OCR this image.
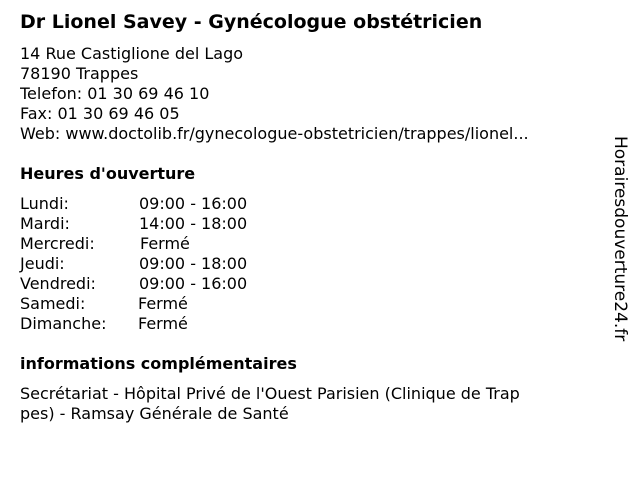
Dr Lionel Savey - Gynécologue obstétricien
14 Rue Castiglione del Lago
78190 Trappes
Telefon: 01 30 69 46 10
Fax: 01 30 69 46 05
Web: www.doctolib.fr/gynecologue-obstetricien/trappes/lionel...
Heures d'ouverture
Lundi:	09:00 - 16:00
Mardi:	14:00 - 18:00
Mercredi:	Fermé
Jeudi:	09:00 - 18:00
Vendredi:	09:00 - 16:00
Samedi:	Fermé
Dimanche: Fermé
informations complémentaires
Secrétariat - Hôpital Privé de l'Ouest Parisien (Clinique de Trap
pes) - Ramsay Générale de Santé
Horairesdouverture24.fr
